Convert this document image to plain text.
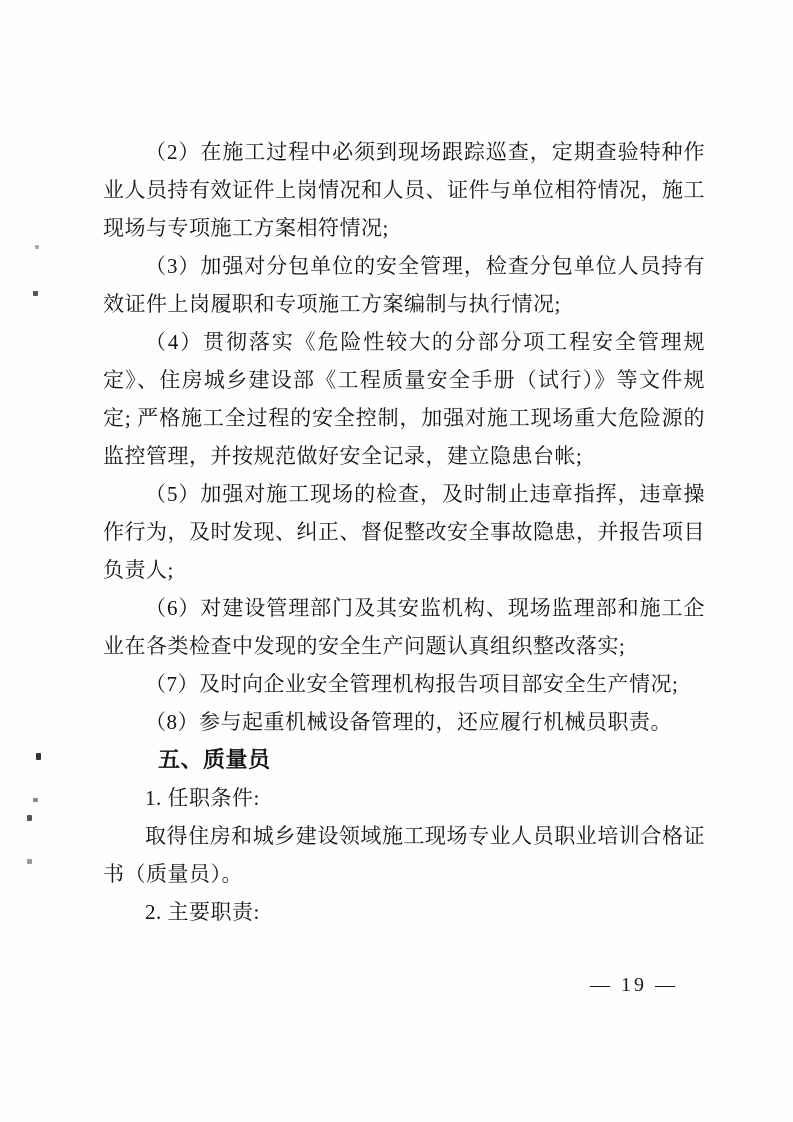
（2）在施工过程中必须到现场跟踪巡查，定期查验特种作业人员持有效证件上岗情况和人员、证件与单位相符情况，施工现场与专项施工方案相符情况;

（3）加强对分包单位的安全管理，检查分包单位人员持有效证件上岗履职和专项施工方案编制与执行情况;

（4）贯彻落实《危险性较大的分部分项工程安全管理规定》、住房城乡建设部《工程质量安全手册（试行）》等文件规定; 严格施工全过程的安全控制，加强对施工现场重大危险源的监控管理，并按规范做好安全记录，建立隐患台帐;

（5）加强对施工现场的检查，及时制止违章指挥，违章操作行为，及时发现、纠正、督促整改安全事故隐患，并报告项目负责人;

（6）对建设管理部门及其安监机构、现场监理部和施工企业在各类检查中发现的安全生产问题认真组织整改落实;

（7）及时向企业安全管理机构报告项目部安全生产情况;

（8）参与起重机械设备管理的，还应履行机械员职责。

五、质量员

1. 任职条件:

取得住房和城乡建设领域施工现场专业人员职业培训合格证书（质量员）。

2. 主要职责:

— 19 —
